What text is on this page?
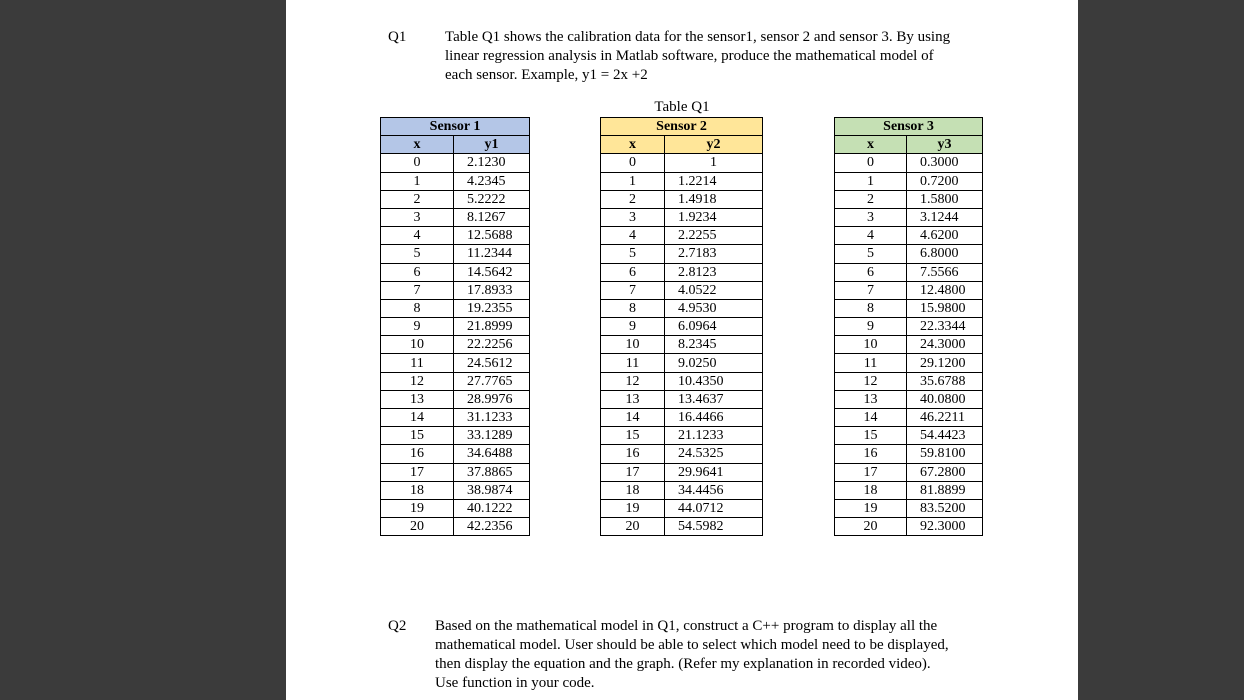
Q1	Table Q1 shows the calibration data for the sensor1, sensor 2 and sensor 3. By using
linear regression analysis in Matlab software, produce the mathematical model of
each sensor. Example, y1 = 2x +2
Table Q1
Sensor 1	
x	y1
0	2.1230
1	4.2345
2	5.2222
3	8.1267
4	12.5688
5	11.2344
6	14.5642
7	17.8933
8	19.2355
9	21.8999
10	22.2256
11	24.5612
12	27.7765
13	28.9976
14	31.1233
15	33.1289
16	34.6488
17	37.8865
18	38.9874
19	40.1222
20	42.2356
Sensor 2	
x	y2
0	1
1	1.2214
2	1.4918
3	1.9234
4	2.2255
5	2.7183
6	2.8123
7	4.0522
8	4.9530
9	6.0964
10	8.2345
11	9.0250
12	10.4350
13	13.4637
14	16.4466
15	21.1233
16	24.5325
17	29.9641
18	34.4456
19	44.0712
20	54.5982
Sensor 3	
x	y3
0	0.3000
1	0.7200
2	1.5800
3	3.1244
4	4.6200
5	6.8000
6	7.5566
7	12.4800
8	15.9800
9	22.3344
10	24.3000
11	29.1200
12	35.6788
13	40.0800
14	46.2211
15	54.4423
16	59.8100
17	67.2800
18	81.8899
19	83.5200
20	92.3000
Q2 Based on the mathematical model in Q1, construct a C++ program to display all the
mathematical model. User should be able to select which model need to be displayed,
then display the equation and the graph. (Refer my explanation in recorded video).
Use function in your code.
